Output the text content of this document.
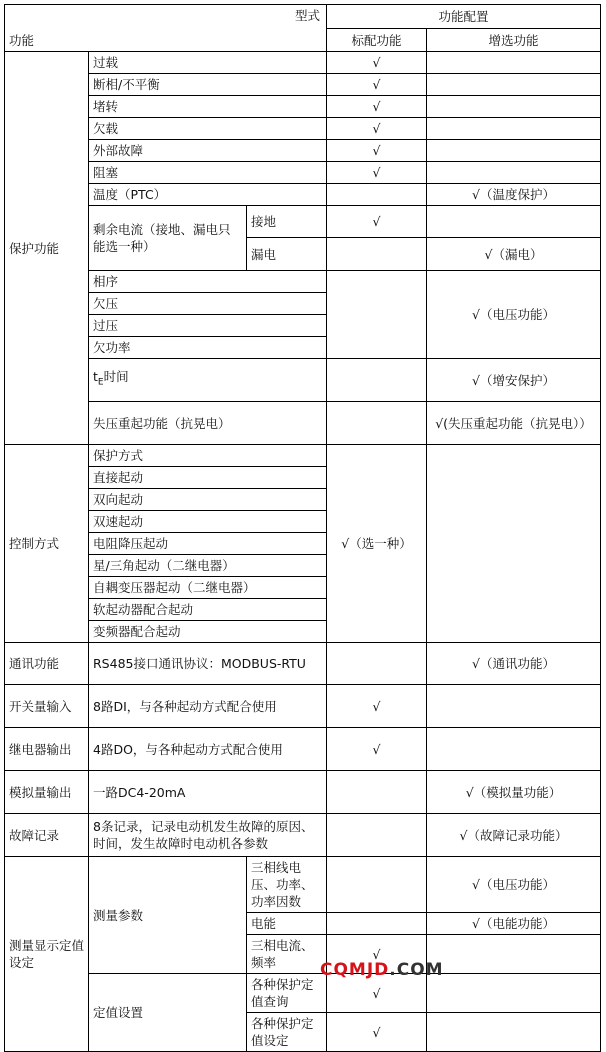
型式			功能配置	
功能			标配功能	增选功能
保护功能	过载		√	
	断相/不平衡		√	
	堵转		√	
	欠载		√	
	外部故障		√	
	阻塞		√	
	温度（PTC）			√（温度保护）
	剩余电流（接地、漏电只能选一种）	接地	√	
		漏电		√（漏电）
	相序			√（电压功能）
	欠压			
	过压			
	欠功率			
	$t_E$时间			√（增安保护）
	失压重起功能（抗晃电）			√(失压重起功能（抗晃电））

控制方式	保护方式		√（选一种）	
	直接起动			
	双向起动			
	双速起动			
	电阻降压起动			
	星/三角起动（二继电器）			
	自耦变压器起动（二继电器）			
	软起动器配合起动			
	变频器配合起动			
通讯功能	RS485接口通讯协议：MODBUS-RTU			√（通讯功能）
开关量输入	8路DI，与各种起动方式配合使用		√	
继电器输出	4路DO，与各种起动方式配合使用		√	
模拟量输出	一路DC4-20mA			√（模拟量功能）
故障记录	8条记录，记录电动机发生故障的原因、时间，发生故障时电动机各参数			√（故障记录功能）
测量显示定值设定	测量参数	三相线电压、功率、功率因数		√（电压功能）
		电能		√（电能功能）
		三相电流、频率	√	
	定值设置	各种保护定值查询	√	
		各种保护定值设定	√	
CQMJD.COM
